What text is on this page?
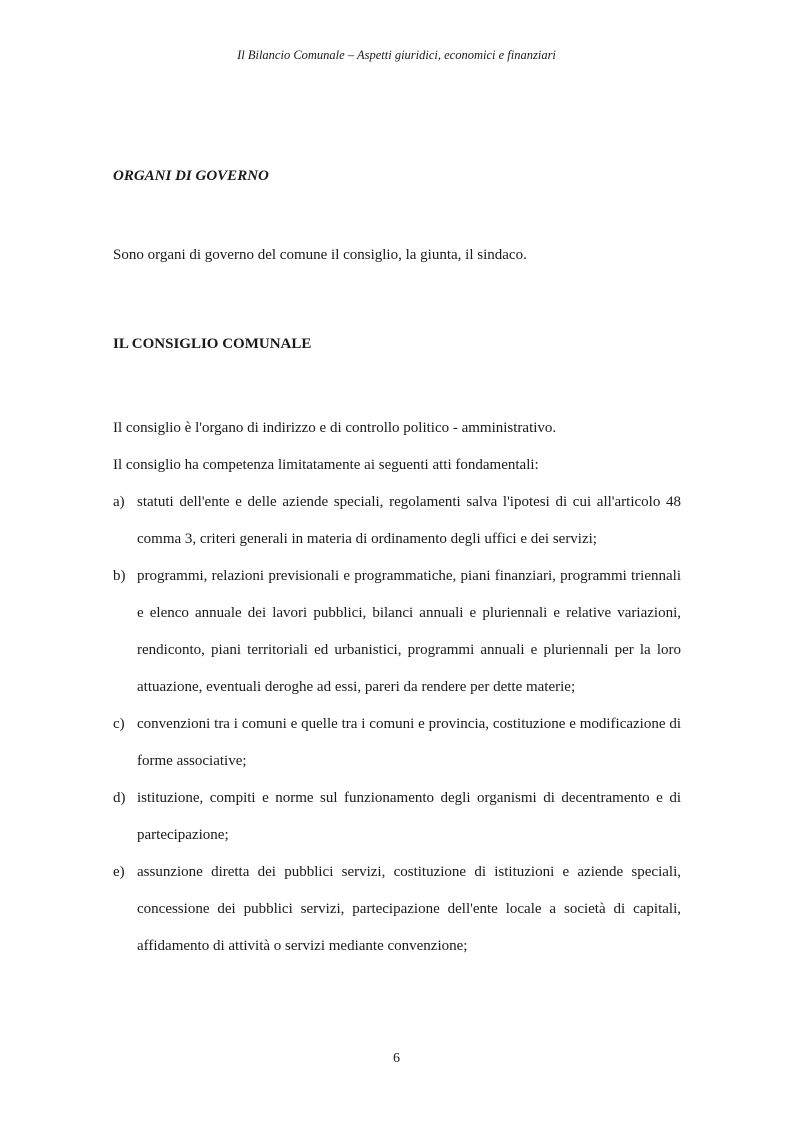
Il Bilancio Comunale – Aspetti giuridici, economici e finanziari
ORGANI DI GOVERNO

Sono organi di governo del comune il consiglio, la giunta, il sindaco.

IL CONSIGLIO COMUNALE

Il consiglio è l'organo di indirizzo e di controllo politico - amministrativo.

Il consiglio ha competenza limitatamente ai seguenti atti fondamentali:

a) statuti dell'ente e delle aziende speciali, regolamenti salva l'ipotesi di cui all'articolo 48 comma 3, criteri generali in materia di ordinamento degli uffici e dei servizi;
b) programmi, relazioni previsionali e programmatiche, piani finanziari, programmi triennali e elenco annuale dei lavori pubblici, bilanci annuali e pluriennali e relative variazioni, rendiconto, piani territoriali ed urbanistici, programmi annuali e pluriennali per la loro attuazione, eventuali deroghe ad essi, pareri da rendere per dette materie;
c) convenzioni tra i comuni e quelle tra i comuni e provincia, costituzione e modificazione di forme associative;
d) istituzione, compiti e norme sul funzionamento degli organismi di decentramento e di partecipazione;
e) assunzione diretta dei pubblici servizi, costituzione di istituzioni e aziende speciali, concessione dei pubblici servizi, partecipazione dell'ente locale a società di capitali, affidamento di attività o servizi mediante convenzione;
6
